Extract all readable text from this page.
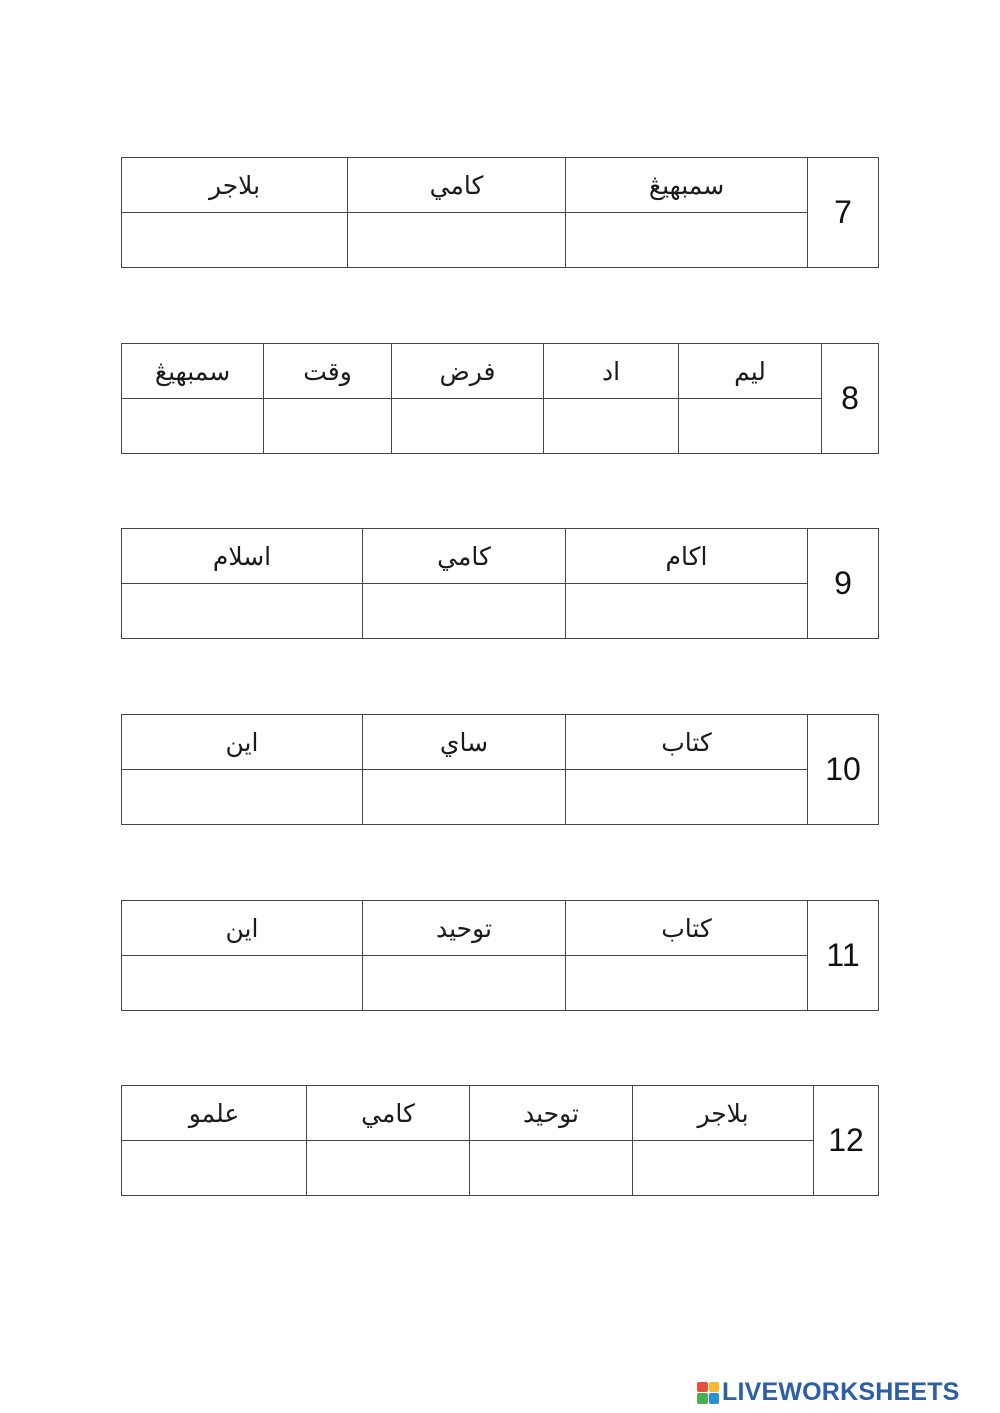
بلاجر	كامي	سمبهيڠ	7

سمبهيڠ	وقت	فرض	اد	ليم	8

اسلام	كامي	اکام	9

اين	ساي	كتاب	10

اين	توحيد	كتاب	11

علمو	كامي	توحيد	بلاجر	12

LIVEWORKSHEETS
